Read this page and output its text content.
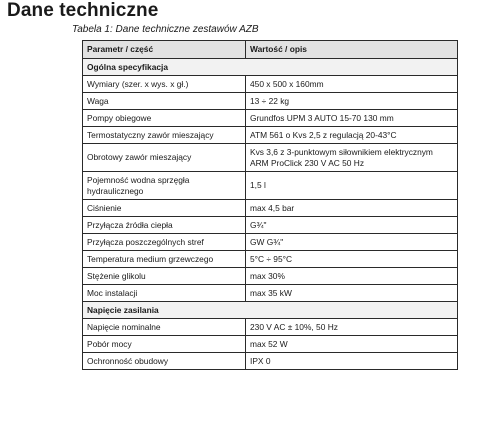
Dane techniczne
Tabela 1: Dane techniczne zestawów AZB
Parametr / część	Wartość / opis
Ogólna specyfikacja	
Wymiary (szer. x wys. x gł.)	450 x 500 x 160mm
Waga	13 ÷ 22 kg
Pompy obiegowe	Grundfos UPM 3 AUTO 15-70 130 mm
Termostatyczny zawór mieszający	ATM 561 o Kvs 2,5 z regulacją 20-43°C
Obrotowy zawór mieszający	Kvs 3,6 z 3-punktowym siłownikiem elektrycznym ARM ProClick 230 V AC 50 Hz
Pojemność wodna sprzęgła hydraulicznego	1,5 l
Ciśnienie	max 4,5 bar
Przyłącza źródła ciepła	G¾"
Przyłącza poszczególnych stref	GW G¾"
Temperatura medium grzewczego	5°C ÷ 95°C
Stężenie glikolu	max 30%
Moc instalacji	max 35 kW
Napięcie zasilania	
Napięcie nominalne	230 V AC ± 10%, 50 Hz
Pobór mocy	max 52 W
Ochronność obudowy	IPX 0
